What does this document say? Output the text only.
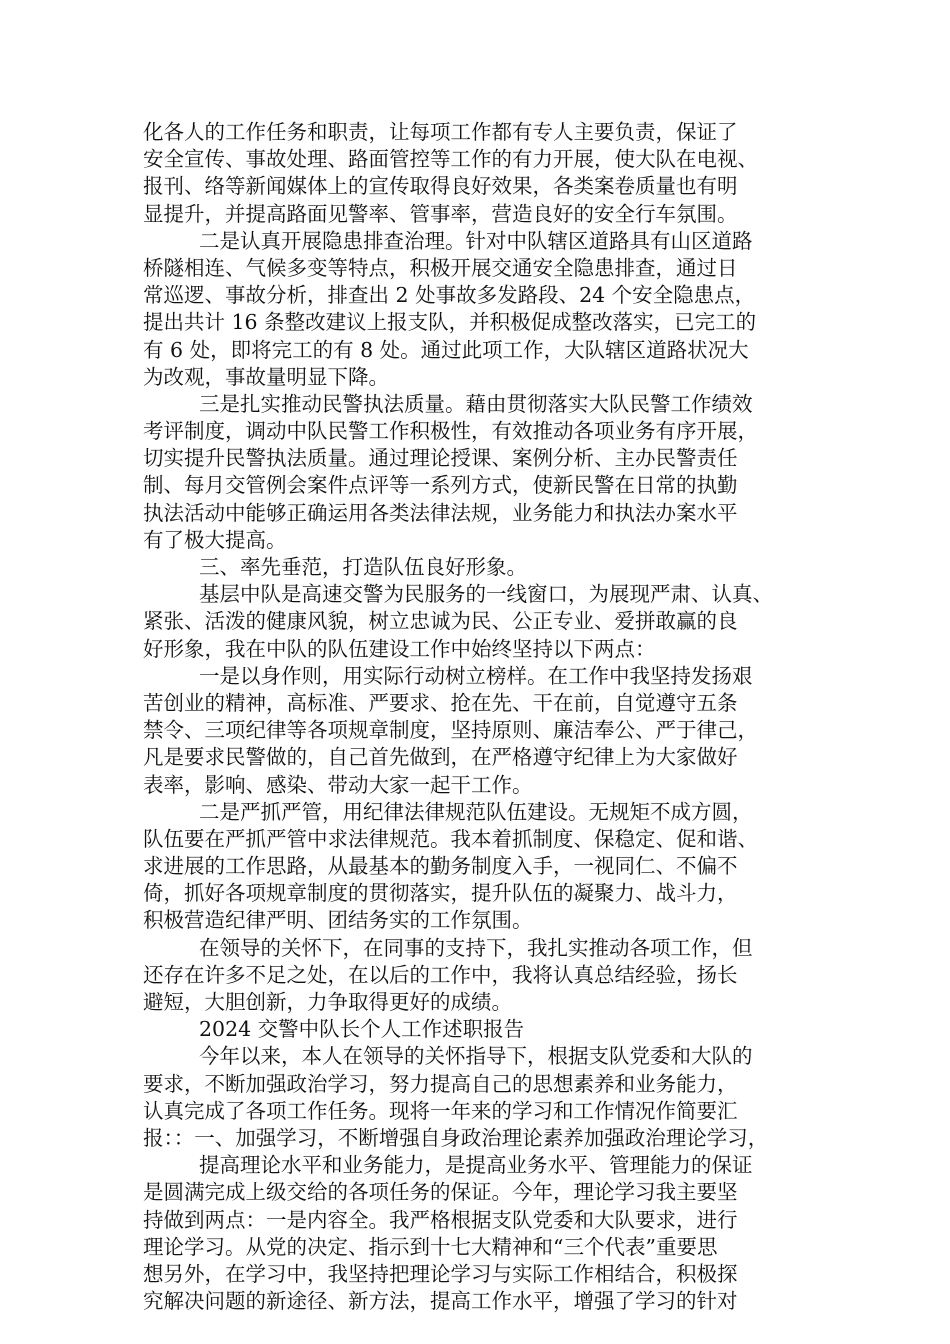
化各人的工作任务和职责，让每项工作都有专人主要负责，保证了
安全宣传、事故处理、路面管控等工作的有力开展，使大队在电视、
报刊、络等新闻媒体上的宣传取得良好效果，各类案卷质量也有明
显提升，并提高路面见警率、管事率，营造良好的安全行车氛围。
二是认真开展隐患排查治理。针对中队辖区道路具有山区道路
桥隧相连、气候多变等特点，积极开展交通安全隐患排查，通过日
常巡逻、事故分析，排查出 2 处事故多发路段、24 个安全隐患点，
提出共计 16 条整改建议上报支队，并积极促成整改落实，已完工的
有 6 处，即将完工的有 8 处。通过此项工作，大队辖区道路状况大
为改观，事故量明显下降。
三是扎实推动民警执法质量。藉由贯彻落实大队民警工作绩效
考评制度，调动中队民警工作积极性，有效推动各项业务有序开展，
切实提升民警执法质量。通过理论授课、案例分析、主办民警责任
制、每月交管例会案件点评等一系列方式，使新民警在日常的执勤
执法活动中能够正确运用各类法律法规，业务能力和执法办案水平
有了极大提高。
三、率先垂范，打造队伍良好形象。
基层中队是高速交警为民服务的一线窗口，为展现严肃、认真、
紧张、活泼的健康风貌，树立忠诚为民、公正专业、爱拼敢赢的良
好形象，我在中队的队伍建设工作中始终坚持以下两点：
一是以身作则，用实际行动树立榜样。在工作中我坚持发扬艰
苦创业的精神，高标准、严要求、抢在先、干在前，自觉遵守五条
禁令、三项纪律等各项规章制度，坚持原则、廉洁奉公、严于律己，
凡是要求民警做的，自己首先做到，在严格遵守纪律上为大家做好
表率，影响、感染、带动大家一起干工作。
二是严抓严管，用纪律法律规范队伍建设。无规矩不成方圆，
队伍要在严抓严管中求法律规范。我本着抓制度、保稳定、促和谐、
求进展的工作思路，从最基本的勤务制度入手，一视同仁、不偏不
倚，抓好各项规章制度的贯彻落实，提升队伍的凝聚力、战斗力，
积极营造纪律严明、团结务实的工作氛围。
在领导的关怀下，在同事的支持下，我扎实推动各项工作，但
还存在许多不足之处，在以后的工作中，我将认真总结经验，扬长
避短，大胆创新，力争取得更好的成绩。
2024 交警中队长个人工作述职报告
今年以来，本人在领导的关怀指导下，根据支队党委和大队的
要求，不断加强政治学习，努力提高自己的思想素养和业务能力，
认真完成了各项工作任务。现将一年来的学习和工作情况作简要汇
报：：一、加强学习，不断增强自身政治理论素养加强政治理论学习，
提高理论水平和业务能力，是提高业务水平、管理能力的保证
是圆满完成上级交给的各项任务的保证。今年，理论学习我主要坚
持做到两点：一是内容全。我严格根据支队党委和大队要求，进行
理论学习。从党的决定、指示到十七大精神和“三个代表”重要思
想另外，在学习中，我坚持把理论学习与实际工作相结合，积极探
究解决问题的新途径、新方法，提高工作水平，增强了学习的针对
